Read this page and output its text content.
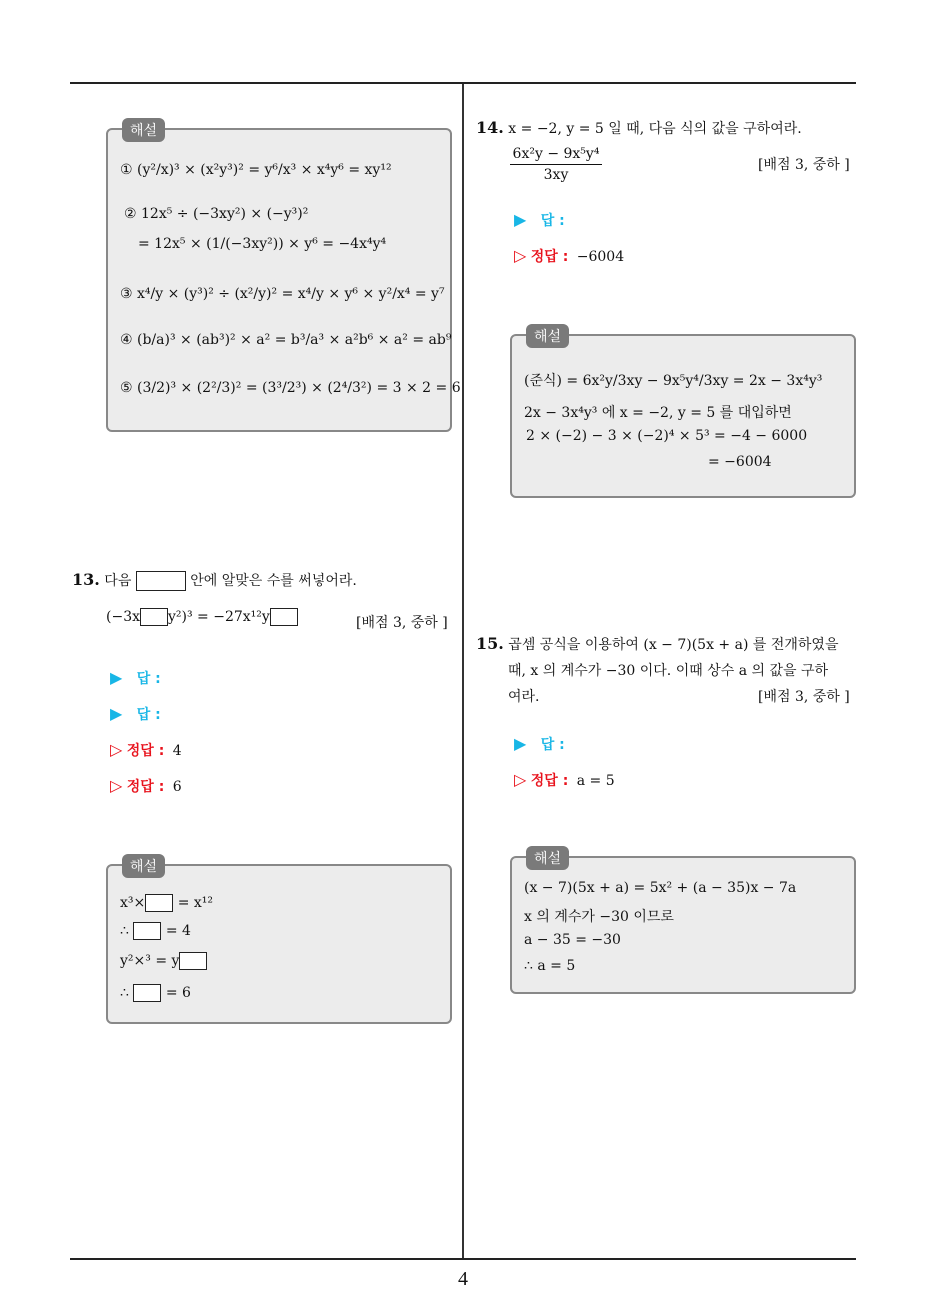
4
해설
① (y²/x)³ × (x²y³)² = y⁶/x³ × x⁴y⁶ = xy¹²
② 12x⁵ ÷ (−3xy²) × (−y³)²
= 12x⁵ × (1/(−3xy²)) × y⁶ = −4x⁴y⁴
③ x⁴/y × (y³)² ÷ (x²/y)² = x⁴/y × y⁶ × y²/x⁴ = y⁷
④ (b/a)³ × (ab³)² × a² = b³/a³ × a²b⁶ × a² = ab⁹
⑤ (3/2)³ × (2²/3)² = (3³/2³) × (2⁴/3²) = 3 × 2 = 6
13. 다음	안에 알맞은 수를 써넣어라.
(−3x y²)³ = −27x¹²y	[배점 3, 중하 ]
▶ 답 :
▶ 답 :
▷ 정답 : 4
▷ 정답 : 6
해설
x³× = x¹²
∴	= 4
y²×³ = y
∴	= 6
14. x = −2, y = 5 일 때, 다음 식의 값을 구하여라.
6x²y − 9x⁵y⁴
3xy
[배점 3, 중하 ]
▶ 답 :
▷ 정답 : −6004
해설
(준식) = 6x²y/3xy − 9x⁵y⁴/3xy = 2x − 3x⁴y³
2x − 3x⁴y³ 에 x = −2, y = 5 를 대입하면
2 × (−2) − 3 × (−2)⁴ × 5³ = −4 − 6000
= −6004
15. 곱셈 공식을 이용하여 (x − 7)(5x + a) 를 전개하였을
때, x 의 계수가 −30 이다. 이때 상수 a 의 값을 구하
여라.	[배점 3, 중하 ]
▶ 답 :
▷ 정답 : a = 5
해설
(x − 7)(5x + a) = 5x² + (a − 35)x − 7a
x 의 계수가 −30 이므로
a − 35 = −30
∴ a = 5
